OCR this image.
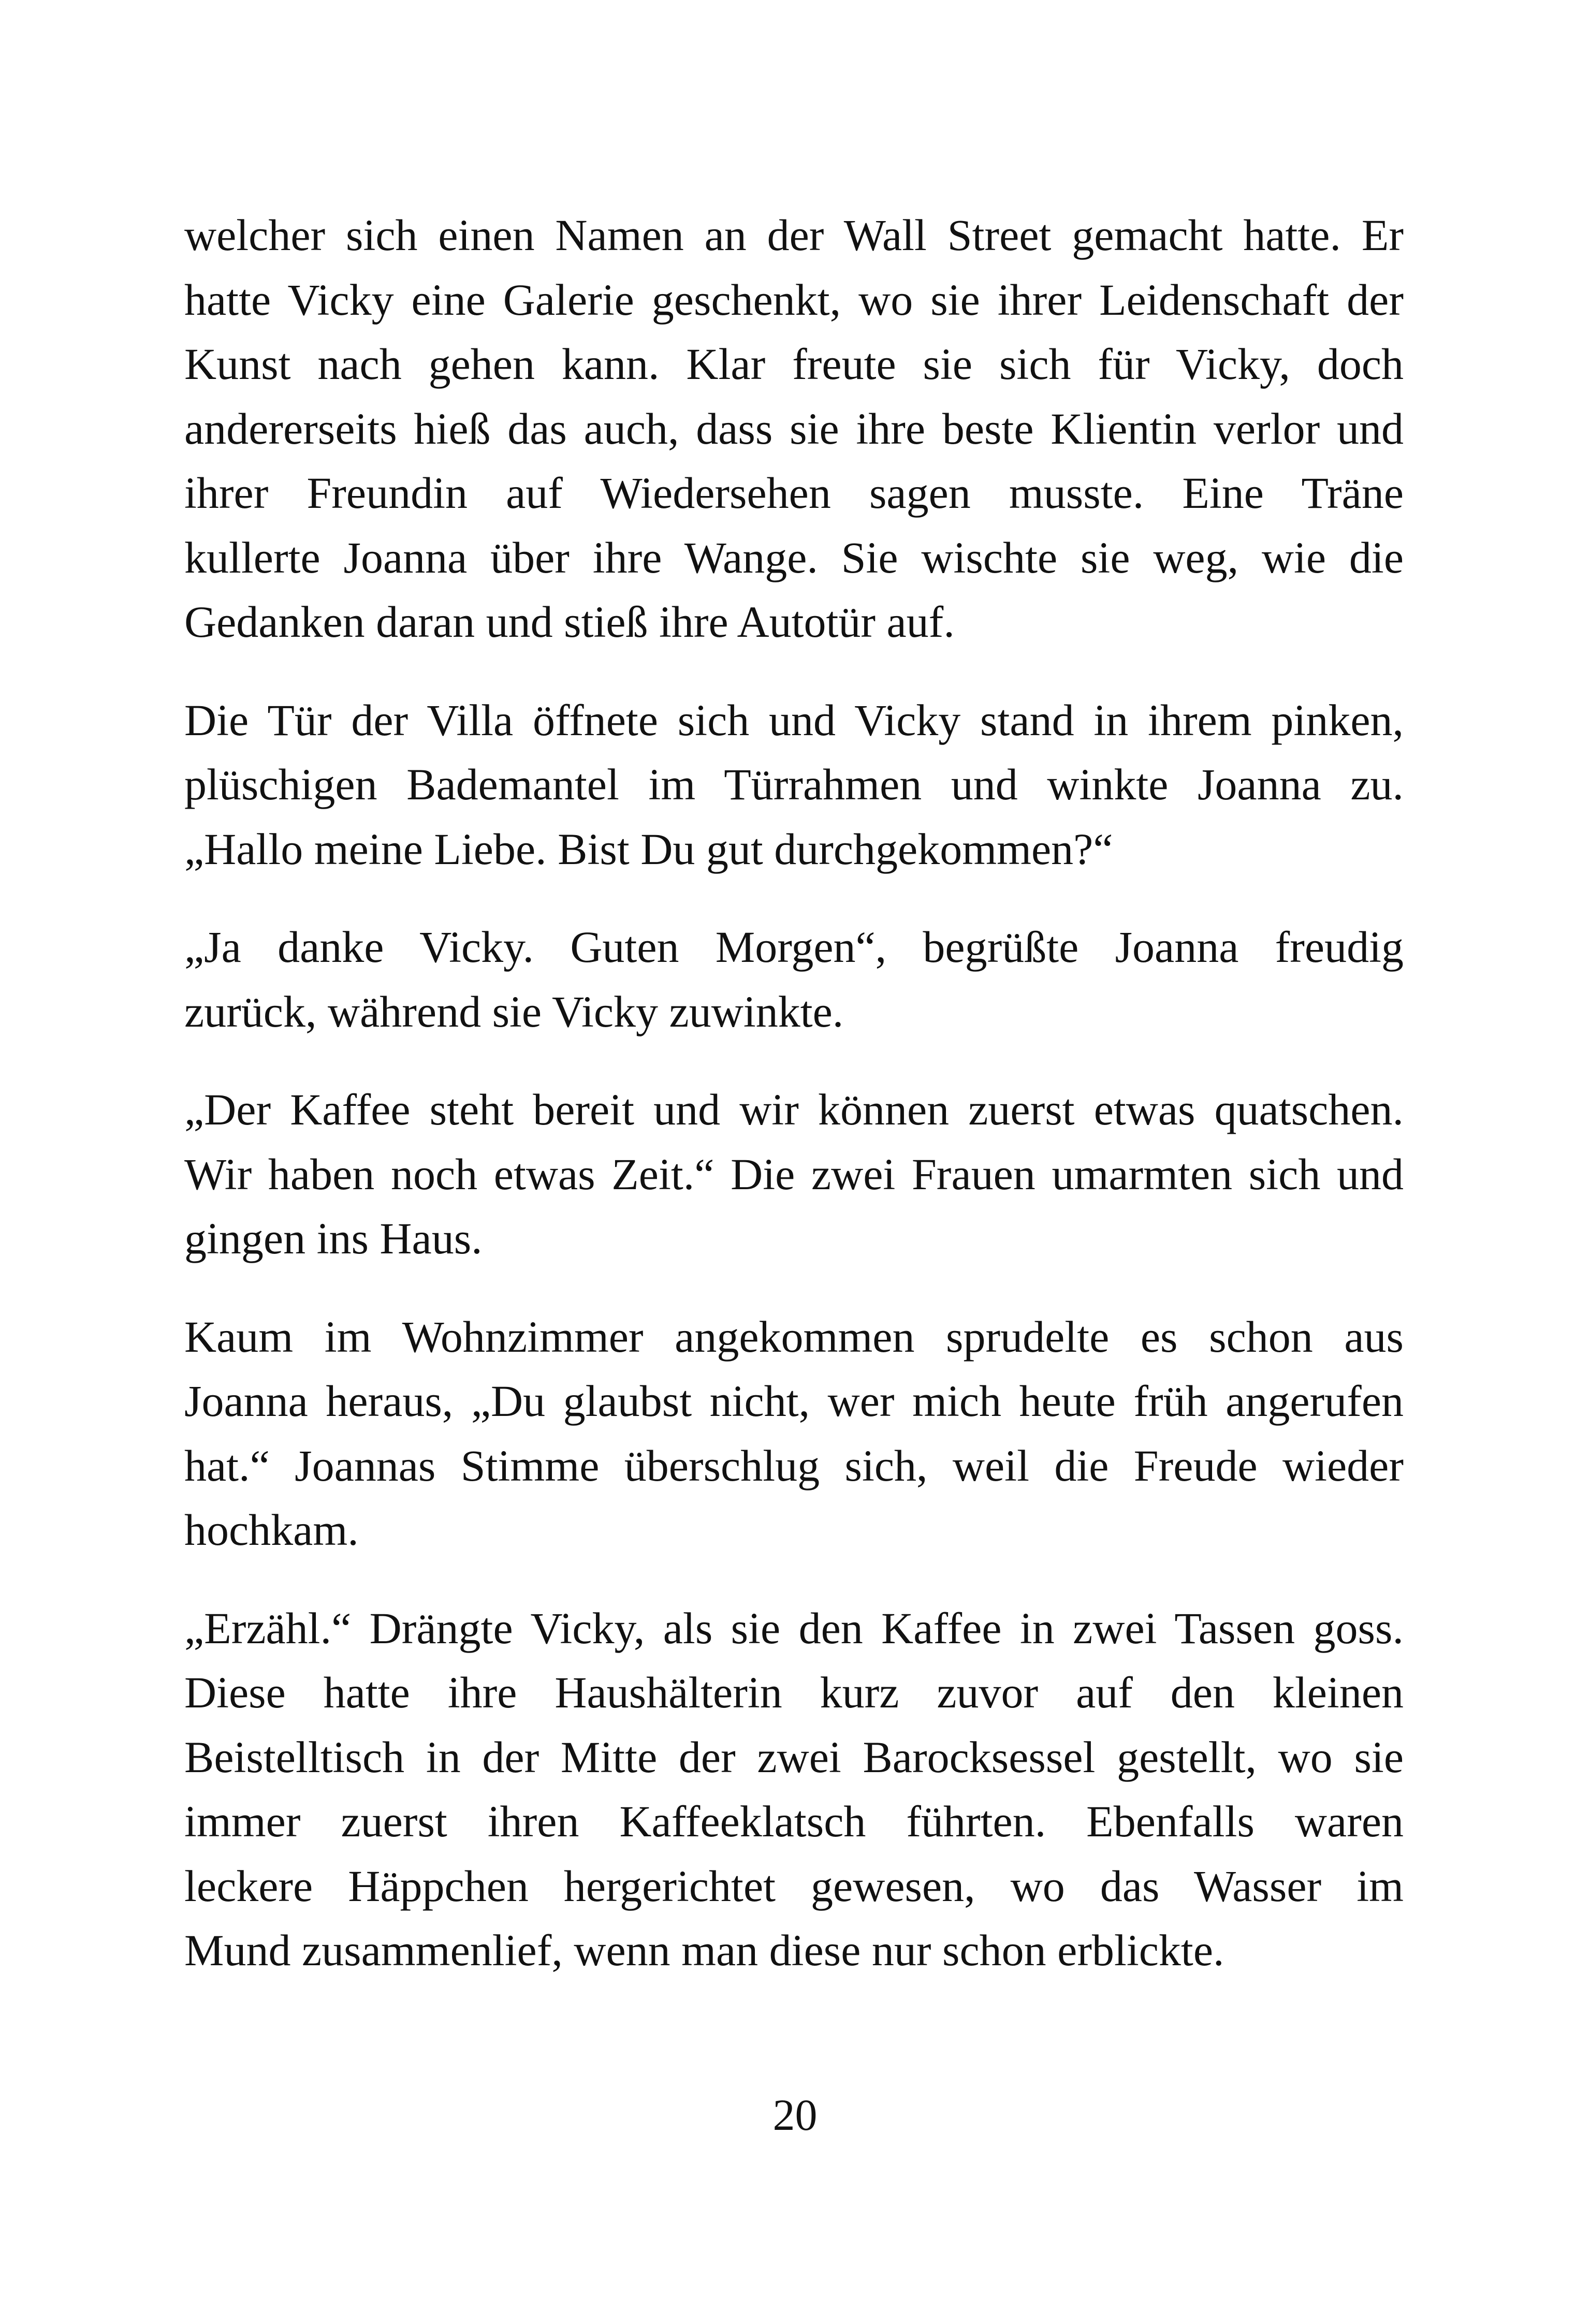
welcher sich einen Namen an der Wall Street gemacht hatte. Er
hatte Vicky eine Galerie geschenkt, wo sie ihrer Leidenschaft der
Kunst nach gehen kann. Klar freute sie sich für Vicky, doch
andererseits hieß das auch, dass sie ihre beste Klientin verlor und
ihrer Freundin auf Wiedersehen sagen musste. Eine Träne
kullerte Joanna über ihre Wange. Sie wischte sie weg, wie die
Gedanken daran und stieß ihre Autotür auf.

Die Tür der Villa öffnete sich und Vicky stand in ihrem pinken,
plüschigen Bademantel im Türrahmen und winkte Joanna zu.
„Hallo meine Liebe. Bist Du gut durchgekommen?“

„Ja danke Vicky. Guten Morgen“, begrüßte Joanna freudig
zurück, während sie Vicky zuwinkte.

„Der Kaffee steht bereit und wir können zuerst etwas quatschen.
Wir haben noch etwas Zeit.“ Die zwei Frauen umarmten sich und
gingen ins Haus.

Kaum im Wohnzimmer angekommen sprudelte es schon aus
Joanna heraus, „Du glaubst nicht, wer mich heute früh angerufen
hat.“ Joannas Stimme überschlug sich, weil die Freude wieder
hochkam.

„Erzähl.“ Drängte Vicky, als sie den Kaffee in zwei Tassen goss.
Diese hatte ihre Haushälterin kurz zuvor auf den kleinen
Beistelltisch in der Mitte der zwei Barocksessel gestellt, wo sie
immer zuerst ihren Kaffeeklatsch führten. Ebenfalls waren
leckere Häppchen hergerichtet gewesen, wo das Wasser im
Mund zusammenlief, wenn man diese nur schon erblickte.

20
